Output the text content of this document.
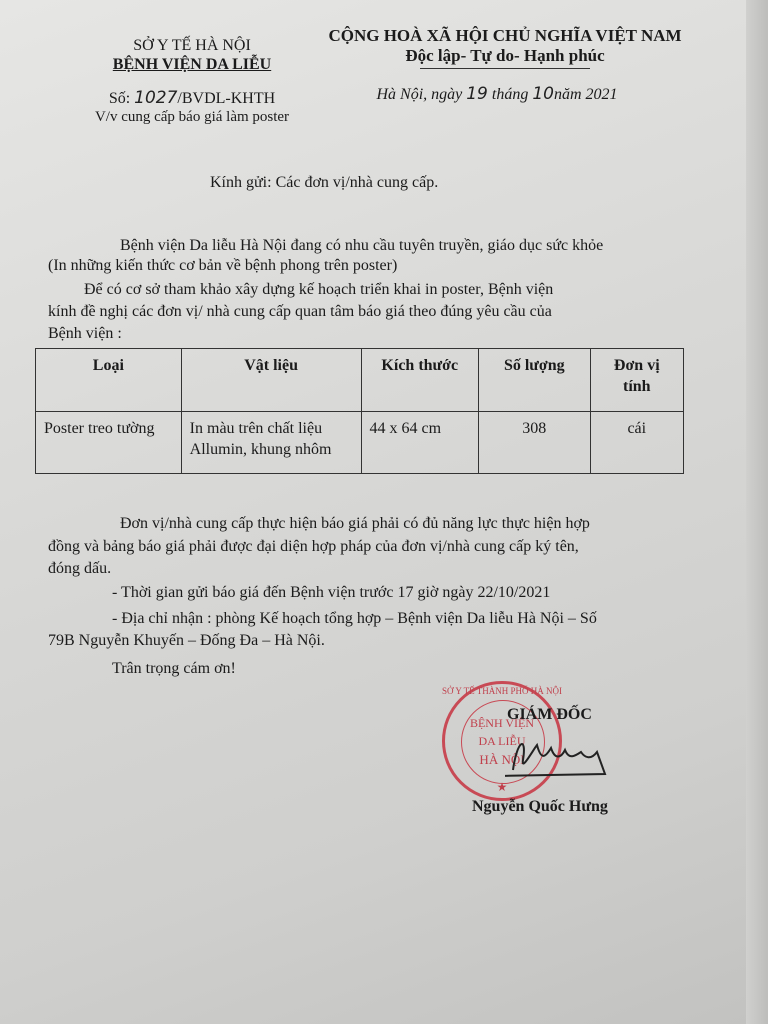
SỞ Y TẾ HÀ NỘI
BỆNH VIỆN DA LIỄU
Số: 1027/BVDL-KHTH
V/v cung cấp báo giá làm poster
CỘNG HOÀ XÃ HỘI CHỦ NGHĨA VIỆT NAM
Độc lập- Tự do- Hạnh phúc
Hà Nội, ngày 19 tháng 10năm 2021
Kính gửi: Các đơn vị/nhà cung cấp.
Bệnh viện Da liễu Hà Nội đang có nhu cầu tuyên truyền, giáo dục sức khỏe
(In những kiến thức cơ bản về bệnh phong trên poster)
Để có cơ sở tham khảo xây dựng kế hoạch triển khai in poster, Bệnh viện
kính đề nghị các đơn vị/ nhà cung cấp quan tâm báo giá theo đúng yêu cầu của
Bệnh viện :
Loại	Vật liệu	Kích thước	Số lượng	Đơn vị tính
Poster treo tường	In màu trên chất liệu Allumin, khung nhôm	44 x 64 cm	308	cái
Đơn vị/nhà cung cấp thực hiện báo giá phải có đủ năng lực thực hiện hợp
đồng và bảng báo giá phải được đại diện hợp pháp của đơn vị/nhà cung cấp ký tên,
đóng dấu.
- Thời gian gửi báo giá đến Bệnh viện trước 17 giờ ngày 22/10/2021
- Địa chỉ nhận : phòng Kế hoạch tổng hợp – Bệnh viện Da liễu Hà Nội – Số
79B Nguyễn Khuyến – Đống Đa – Hà Nội.
Trân trọng cám ơn!
SỞ Y TẾ THÀNH PHỐ HÀ NỘI
BỆNH VIỆN
DA LIỄU
HÀ NỘI
★
GIÁM ĐỐC
Nguyễn Quốc Hưng
